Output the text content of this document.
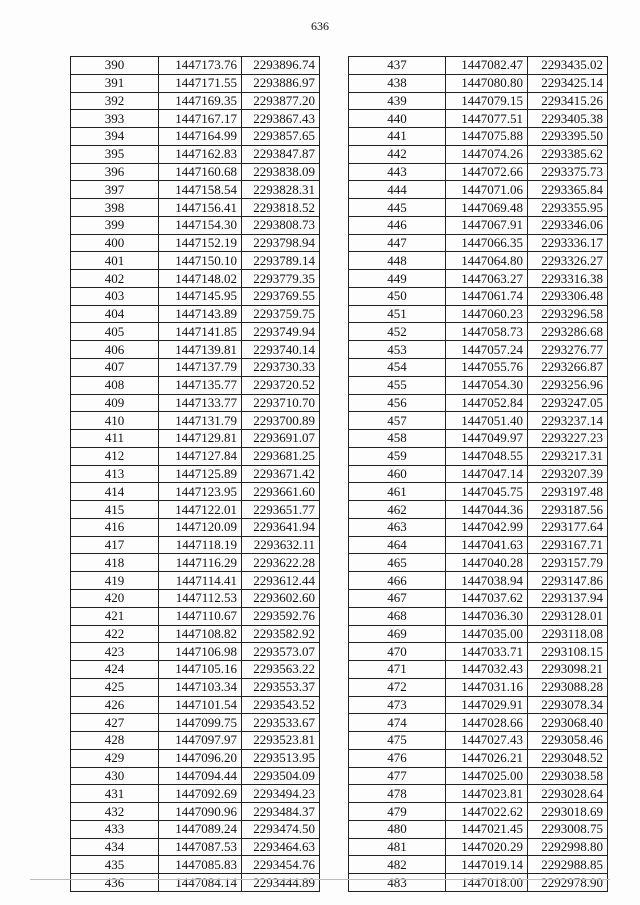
636
390	1447173.76	2293896.74
391	1447171.55	2293886.97
392	1447169.35	2293877.20
393	1447167.17	2293867.43
394	1447164.99	2293857.65
395	1447162.83	2293847.87
396	1447160.68	2293838.09
397	1447158.54	2293828.31
398	1447156.41	2293818.52
399	1447154.30	2293808.73
400	1447152.19	2293798.94
401	1447150.10	2293789.14
402	1447148.02	2293779.35
403	1447145.95	2293769.55
404	1447143.89	2293759.75
405	1447141.85	2293749.94
406	1447139.81	2293740.14
407	1447137.79	2293730.33
408	1447135.77	2293720.52
409	1447133.77	2293710.70
410	1447131.79	2293700.89
411	1447129.81	2293691.07
412	1447127.84	2293681.25
413	1447125.89	2293671.42
414	1447123.95	2293661.60
415	1447122.01	2293651.77
416	1447120.09	2293641.94
417	1447118.19	2293632.11
418	1447116.29	2293622.28
419	1447114.41	2293612.44
420	1447112.53	2293602.60
421	1447110.67	2293592.76
422	1447108.82	2293582.92
423	1447106.98	2293573.07
424	1447105.16	2293563.22
425	1447103.34	2293553.37
426	1447101.54	2293543.52
427	1447099.75	2293533.67
428	1447097.97	2293523.81
429	1447096.20	2293513.95
430	1447094.44	2293504.09
431	1447092.69	2293494.23
432	1447090.96	2293484.37
433	1447089.24	2293474.50
434	1447087.53	2293464.63
435	1447085.83	2293454.76
436	1447084.14	2293444.89
437	1447082.47	2293435.02
438	1447080.80	2293425.14
439	1447079.15	2293415.26
440	1447077.51	2293405.38
441	1447075.88	2293395.50
442	1447074.26	2293385.62
443	1447072.66	2293375.73
444	1447071.06	2293365.84
445	1447069.48	2293355.95
446	1447067.91	2293346.06
447	1447066.35	2293336.17
448	1447064.80	2293326.27
449	1447063.27	2293316.38
450	1447061.74	2293306.48
451	1447060.23	2293296.58
452	1447058.73	2293286.68
453	1447057.24	2293276.77
454	1447055.76	2293266.87
455	1447054.30	2293256.96
456	1447052.84	2293247.05
457	1447051.40	2293237.14
458	1447049.97	2293227.23
459	1447048.55	2293217.31
460	1447047.14	2293207.39
461	1447045.75	2293197.48
462	1447044.36	2293187.56
463	1447042.99	2293177.64
464	1447041.63	2293167.71
465	1447040.28	2293157.79
466	1447038.94	2293147.86
467	1447037.62	2293137.94
468	1447036.30	2293128.01
469	1447035.00	2293118.08
470	1447033.71	2293108.15
471	1447032.43	2293098.21
472	1447031.16	2293088.28
473	1447029.91	2293078.34
474	1447028.66	2293068.40
475	1447027.43	2293058.46
476	1447026.21	2293048.52
477	1447025.00	2293038.58
478	1447023.81	2293028.64
479	1447022.62	2293018.69
480	1447021.45	2293008.75
481	1447020.29	2292998.80
482	1447019.14	2292988.85
483	1447018.00	2292978.90
